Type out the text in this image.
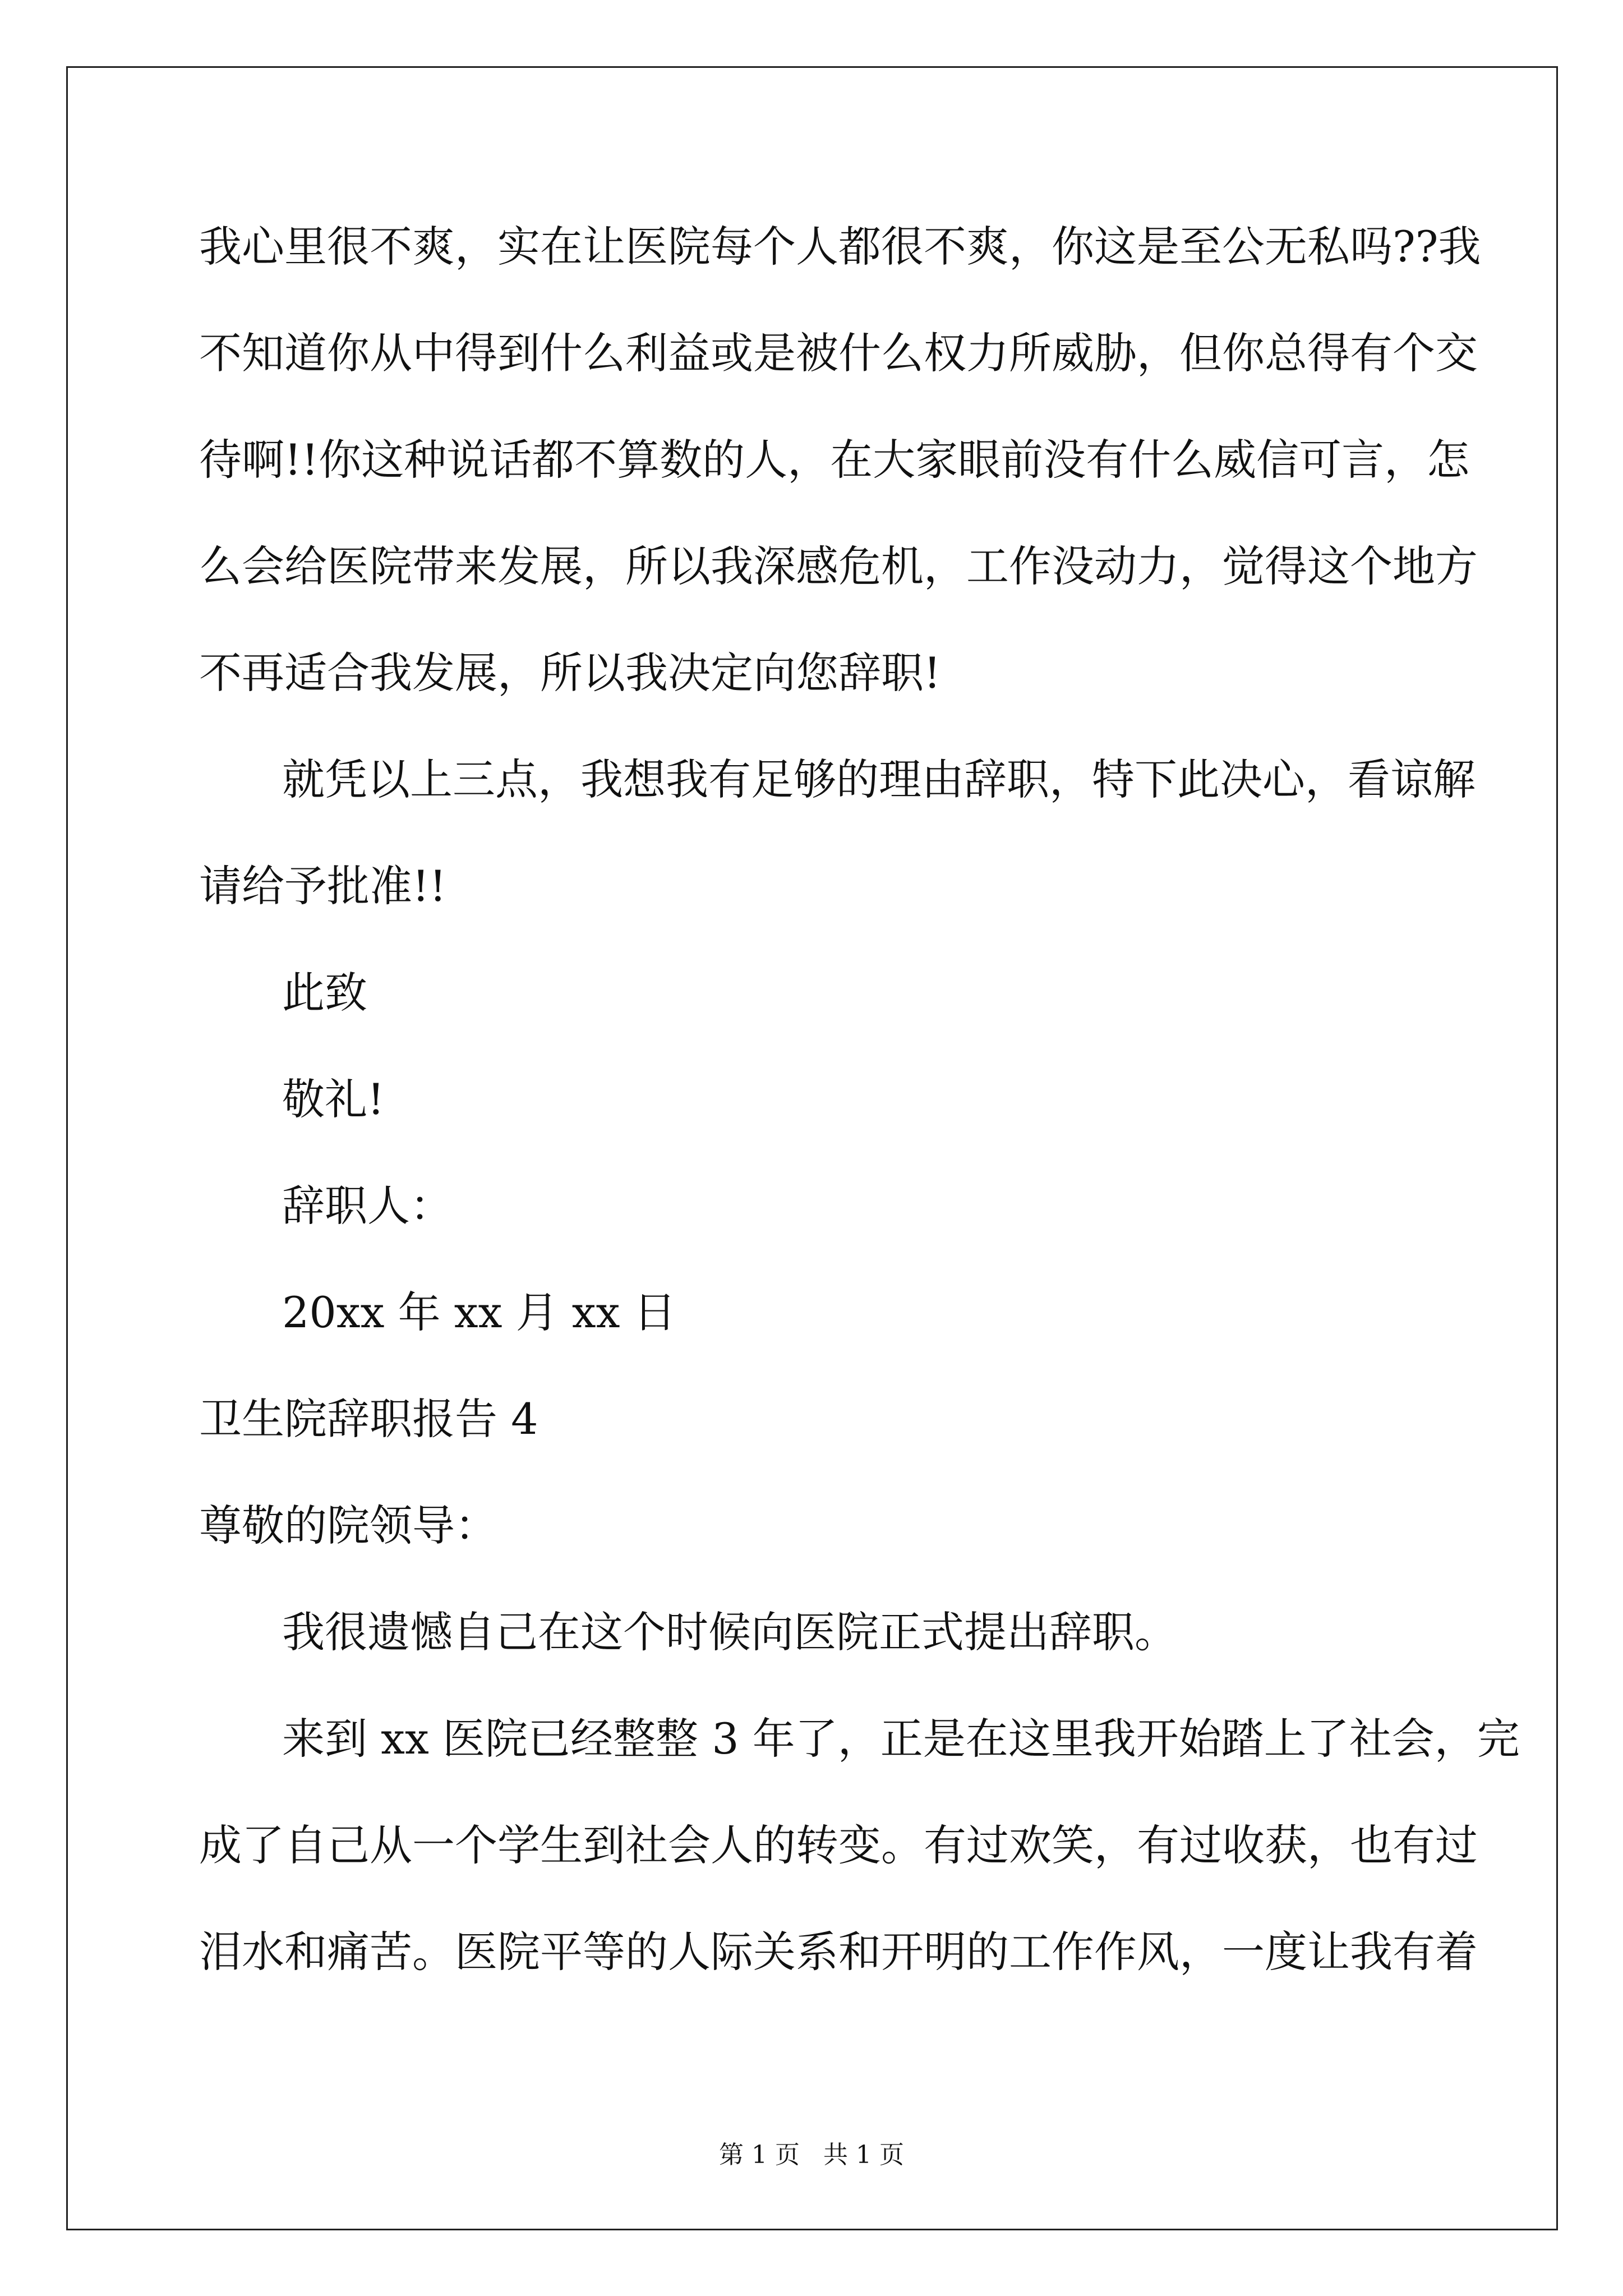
我心里很不爽，实在让医院每个人都很不爽，你这是至公无私吗??我
不知道你从中得到什么利益或是被什么权力所威胁，但你总得有个交
待啊!!你这种说话都不算数的人，在大家眼前没有什么威信可言，怎
么会给医院带来发展，所以我深感危机，工作没动力，觉得这个地方
不再适合我发展，所以我决定向您辞职!
就凭以上三点，我想我有足够的理由辞职，特下此决心，看谅解
请给予批准!!
此致
敬礼!
辞职人：
20xx 年 xx 月 xx 日
卫生院辞职报告 4
尊敬的院领导：
我很遗憾自己在这个时候向医院正式提出辞职。
来到 xx 医院已经整整 3 年了，正是在这里我开始踏上了社会，完
成了自己从一个学生到社会人的转变。有过欢笑，有过收获，也有过
泪水和痛苦。医院平等的人际关系和开明的工作作风，一度让我有着
第 1 页   共 1 页
